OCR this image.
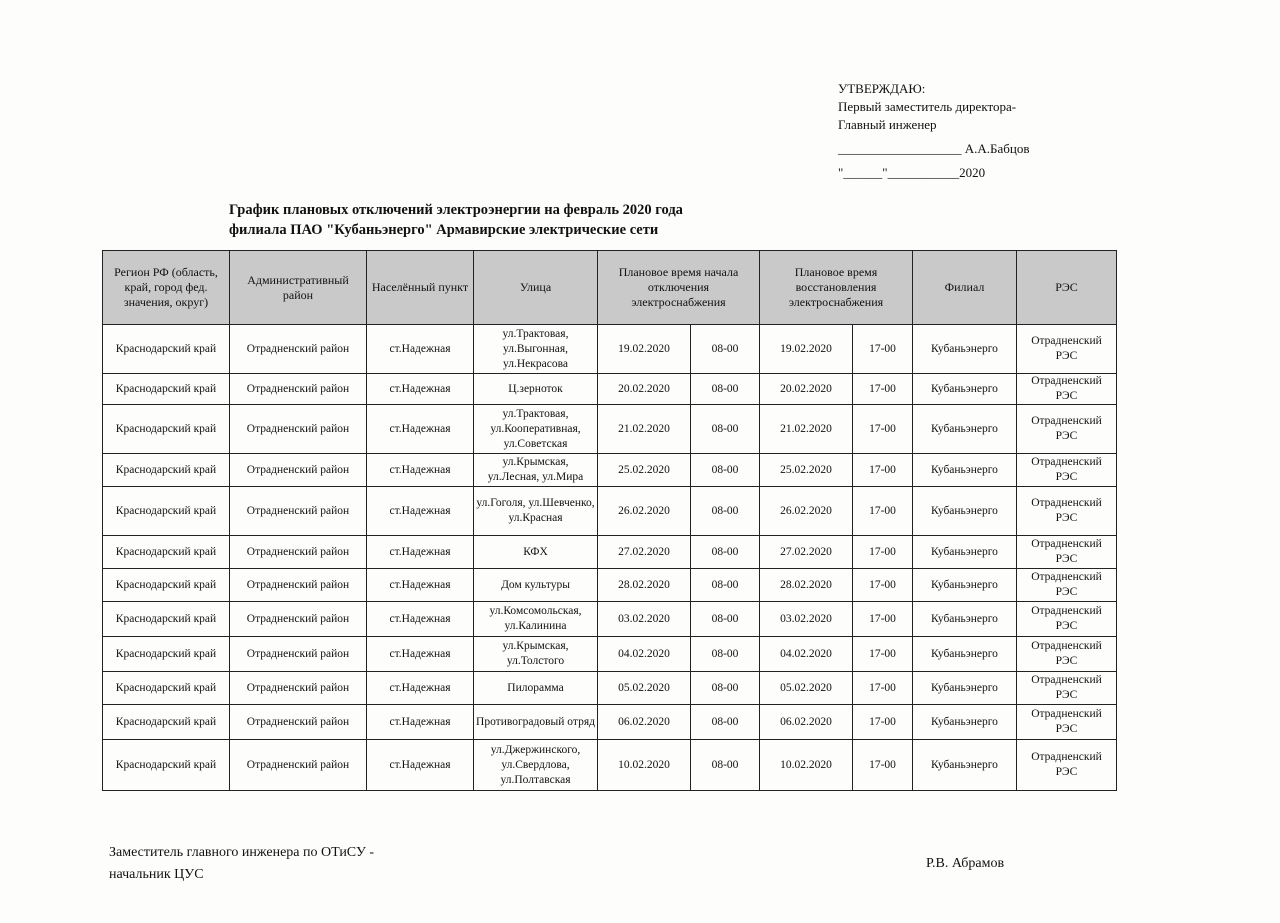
УТВЕРЖДАЮ:
Первый заместитель директора-
Главный инженер
___________________ А.А.Бабцов
"______"___________2020
График плановых отключений электроэнергии на февраль 2020 года
филиала ПАО "Кубаньэнерго" Армавирские электрические сети
Регион РФ (область, край, город фед. значения, округ)	Административный район	Населённый пункт	Улица	Плановое время начала отключения электроснабжения		Плановое время восстановления электроснабжения		Филиал	РЭС
Краснодарский край	Отрадненский район	ст.Надежная	ул.Трактовая, ул.Выгонная, ул.Некрасова	19.02.2020	08-00	19.02.2020	17-00	Кубаньэнерго	Отрадненский РЭС
Краснодарский край	Отрадненский район	ст.Надежная	Ц.зерноток	20.02.2020	08-00	20.02.2020	17-00	Кубаньэнерго	Отрадненский РЭС
Краснодарский край	Отрадненский район	ст.Надежная	ул.Трактовая, ул.Кооперативная, ул.Советская	21.02.2020	08-00	21.02.2020	17-00	Кубаньэнерго	Отрадненский РЭС
Краснодарский край	Отрадненский район	ст.Надежная	ул.Крымская, ул.Лесная, ул.Мира	25.02.2020	08-00	25.02.2020	17-00	Кубаньэнерго	Отрадненский РЭС
Краснодарский край	Отрадненский район	ст.Надежная	ул.Гоголя, ул.Шевченко, ул.Красная	26.02.2020	08-00	26.02.2020	17-00	Кубаньэнерго	Отрадненский РЭС
Краснодарский край	Отрадненский район	ст.Надежная	КФХ	27.02.2020	08-00	27.02.2020	17-00	Кубаньэнерго	Отрадненский РЭС
Краснодарский край	Отрадненский район	ст.Надежная	Дом культуры	28.02.2020	08-00	28.02.2020	17-00	Кубаньэнерго	Отрадненский РЭС
Краснодарский край	Отрадненский район	ст.Надежная	ул.Комсомольская, ул.Калинина	03.02.2020	08-00	03.02.2020	17-00	Кубаньэнерго	Отрадненский РЭС
Краснодарский край	Отрадненский район	ст.Надежная	ул.Крымская, ул.Толстого	04.02.2020	08-00	04.02.2020	17-00	Кубаньэнерго	Отрадненский РЭС
Краснодарский край	Отрадненский район	ст.Надежная	Пилорамма	05.02.2020	08-00	05.02.2020	17-00	Кубаньэнерго	Отрадненский РЭС
Краснодарский край	Отрадненский район	ст.Надежная	Противоградовый отряд	06.02.2020	08-00	06.02.2020	17-00	Кубаньэнерго	Отрадненский РЭС
Краснодарский край	Отрадненский район	ст.Надежная	ул.Джержинского, ул.Свердлова, ул.Полтавская	10.02.2020	08-00	10.02.2020	17-00	Кубаньэнерго	Отрадненский РЭС
Заместитель главного инженера по ОТиСУ -
начальник ЦУС
Р.В. Абрамов
